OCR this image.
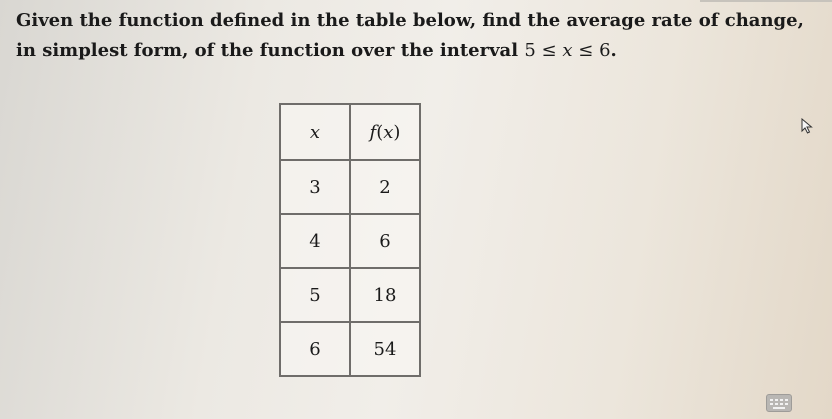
Given the function defined in the table below, find the average rate of change, in simplest form, of the function over the interval 5 ≤ x ≤ 6.
x	f(x)
3	2
4	6
5	18
6	54
